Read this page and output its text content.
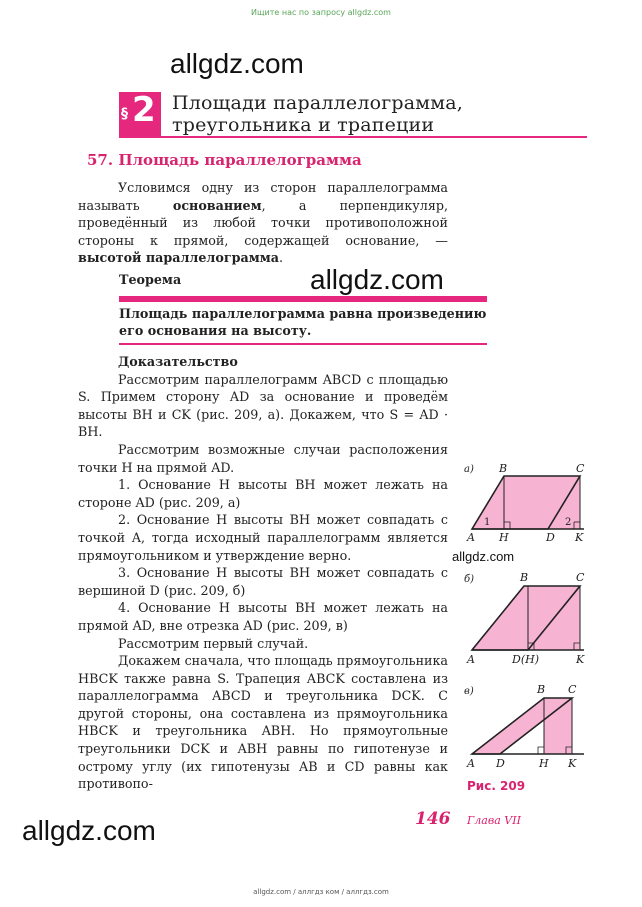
Ищите нас по запросу allgdz.com
allgdz.com
§ 2 Площади параллелограмма,
треугольника и трапеции
57. Площадь параллелограмма

Условимся одну из сторон параллелограмма называть основанием, а перпендикуляр, проведённый из любой точки противоположной стороны к прямой, содержащей основание, — высотой параллелограмма.

Теорема	allgdz.com
Площадь параллелограмма равна произведению его основания на высоту.

Доказательство

Рассмотрим параллелограмм ABCD с площадью S. Примем сторону AD за основание и проведём высоты BH и CK (рис. 209, а). Докажем, что S = AD · BH.

Рассмотрим возможные случаи расположения точки H на прямой AD.

1. Основание H высоты BH может лежать на стороне AD (рис. 209, а)

2. Основание H высоты BH может совпадать с точкой A, тогда исходный параллелограмм является прямоугольником и утверждение верно.

3. Основание H высоты BH может совпадать с вершиной D (рис. 209, б)

4. Основание H высоты BH может лежать на прямой AD, вне отрезка AD (рис. 209, в)

Рассмотрим первый случай.

Докажем сначала, что площадь прямоугольника HBCK также равна S. Трапеция ABCK составлена из параллелограмма ABCD и треугольника DCK. С другой стороны, она составлена из прямоугольника HBCK и треугольника ABH. Но прямоугольные треугольники DCK и ABH равны по гипотенузе и острому углу (их гипотенузы AB и CD равны как противопо-

allgdz.com
а)
1	2
A
B	C
D
H	K
б)
A
B	C
D(H)	K
в)
A
B C
D	H K
Рис. 209
allgdz.com	146 Глава VII
allgdz.com / аллгдз ком / аллгдз.com
